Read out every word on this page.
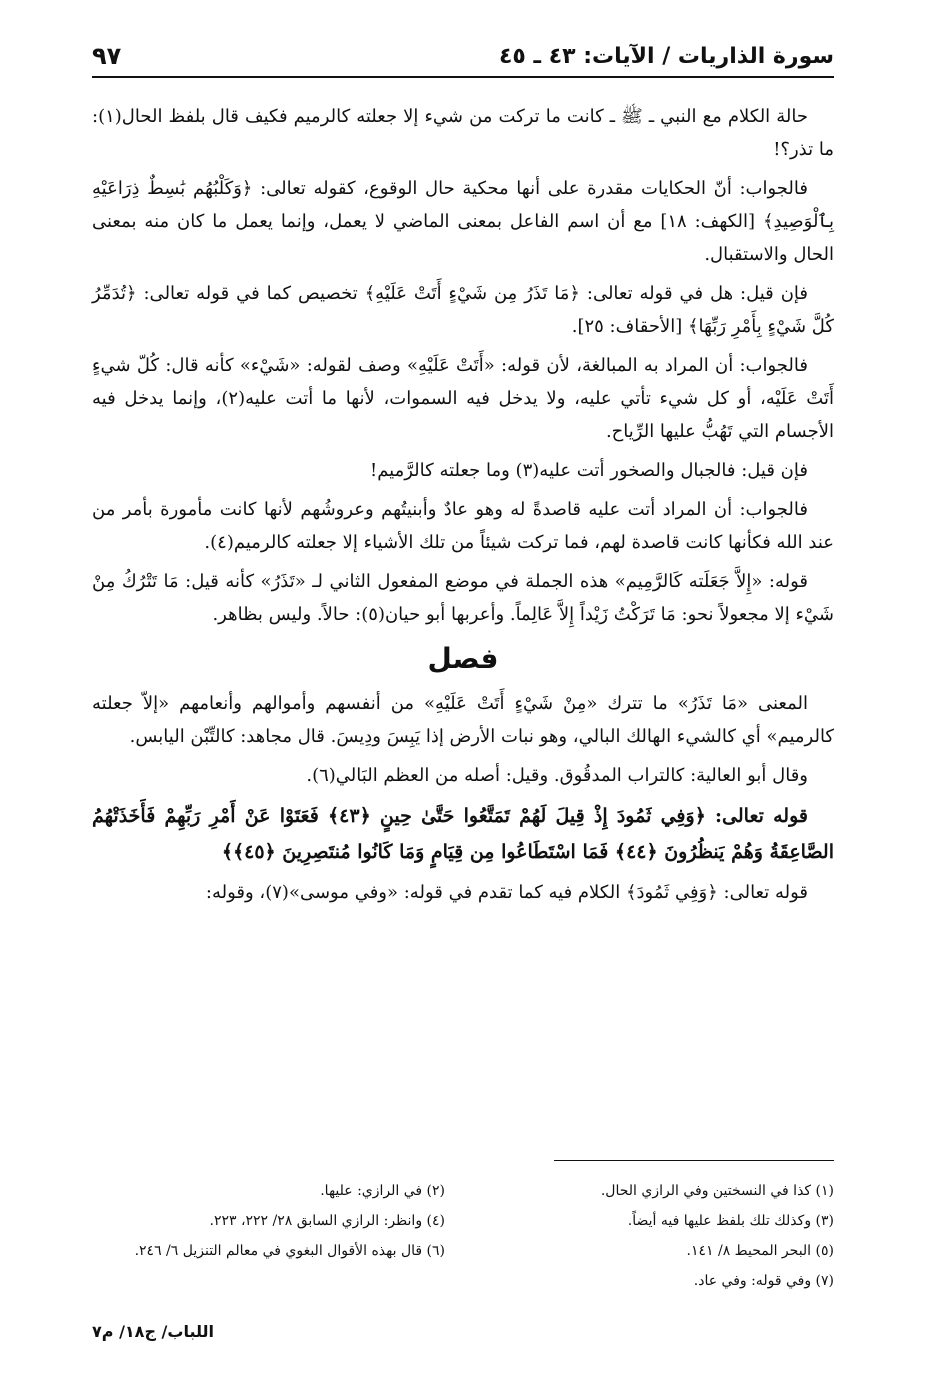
سورة الذاريات / الآيات: ٤٣ ـ ٤٥
٩٧

حالة الكلام مع النبي ـ ﷺ ـ كانت ما تركت من شيء إلا جعلته كالرميم فكيف قال بلفظ الحال(١): ما تذر؟!

فالجواب: أنّ الحكايات مقدرة على أنها محكية حال الوقوع، كقوله تعالى: ﴿وَكَلْبُهُم بَٰسِطٌ ذِرَاعَيْهِ بِٱلْوَصِيدِ﴾ [الكهف: ١٨] مع أن اسم الفاعل بمعنى الماضي لا يعمل، وإنما يعمل ما كان منه بمعنى الحال والاستقبال.

فإن قيل: هل في قوله تعالى: ﴿مَا تَذَرُ مِن شَيْءٍ أَتَتْ عَلَيْهِ﴾ تخصيص كما في قوله تعالى: ﴿تُدَمِّرُ كُلَّ شَيْءٍ بِأَمْرِ رَبِّهَا﴾ [الأحقاف: ٢٥].

فالجواب: أن المراد به المبالغة، لأن قوله: «أَتَتْ عَلَيْهِ» وصف لقوله: «شَيْء» كأنه قال: كُلّ شيءٍ أَتَتْ عَلَيْه، أو كل شيء تأتي عليه، ولا يدخل فيه السموات، لأنها ما أتت عليه(٢)، وإنما يدخل فيه الأجسام التي تَهُبُّ عليها الرِّياح.

فإن قيل: فالجبال والصخور أتت عليه(٣) وما جعلته كالرَّميم!

فالجواب: أن المراد أتت عليه قاصدةً له وهو عادٌ وأبنيتُهم وعروشُهم لأنها كانت مأمورة بأمر من عند الله فكأنها كانت قاصدة لهم، فما تركت شيئاً من تلك الأشياء إلا جعلته كالرميم(٤).

قوله: «إِلاَّ جَعَلَته كَالرَّمِيم» هذه الجملة في موضع المفعول الثاني لـ «تَذَرُ» كأنه قيل: مَا تَتْرُكُ مِنْ شَيْء إلا مجعولاً نحو: مَا تَرَكْتُ زَيْداً إِلاَّ عَالِماً. وأعربها أبو حيان(٥): حالاً. وليس بظاهر.

فصل

المعنى «مَا تَذَرُ» ما تترك «مِنْ شَيْءٍ أَتَتْ عَلَيْهِ» من أنفسهم وأموالهم وأنعامهم «إلاّ جعلته كالرميم» أي كالشيء الهالك البالي، وهو نبات الأرض إذا يَبِسَ ودِيسَ. قال مجاهد: كالتِّبْن اليابس.

وقال أبو العالية: كالتراب المدقُوق. وقيل: أصله من العظم البَالي(٦).

قوله تعالى: ﴿وَفِي ثَمُودَ إِذْ قِيلَ لَهُمْ تَمَتَّعُوا حَتَّىٰ حِينٍ ﴿٤٣﴾ فَعَتَوْا عَنْ أَمْرِ رَبِّهِمْ فَأَخَذَتْهُمُ الصَّاعِقَةُ وَهُمْ يَنظُرُونَ ﴿٤٤﴾ فَمَا اسْتَطَاعُوا مِن قِيَامٍ وَمَا كَانُوا مُنتَصِرِينَ ﴿٤٥﴾﴾

قوله تعالى: ﴿وَفِي ثَمُودَ﴾ الكلام فيه كما تقدم في قوله: «وفي موسى»(٧)، وقوله:

(١) كذا في النسختين وفي الرازي الحال.
(٢) في الرازي: عليها.
(٣) وكذلك تلك بلفظ عليها فيه أيضاً.
(٤) وانظر: الرازي السابق ٢٨/ ٢٢٢، ٢٢٣.
(٥) البحر المحيط ٨/ ١٤١.
(٦) قال بهذه الأقوال البغوي في معالم التنزيل ٦/ ٢٤٦.
(٧) وفي قوله: وفي عاد.
اللباب/ ج١٨/ م٧
